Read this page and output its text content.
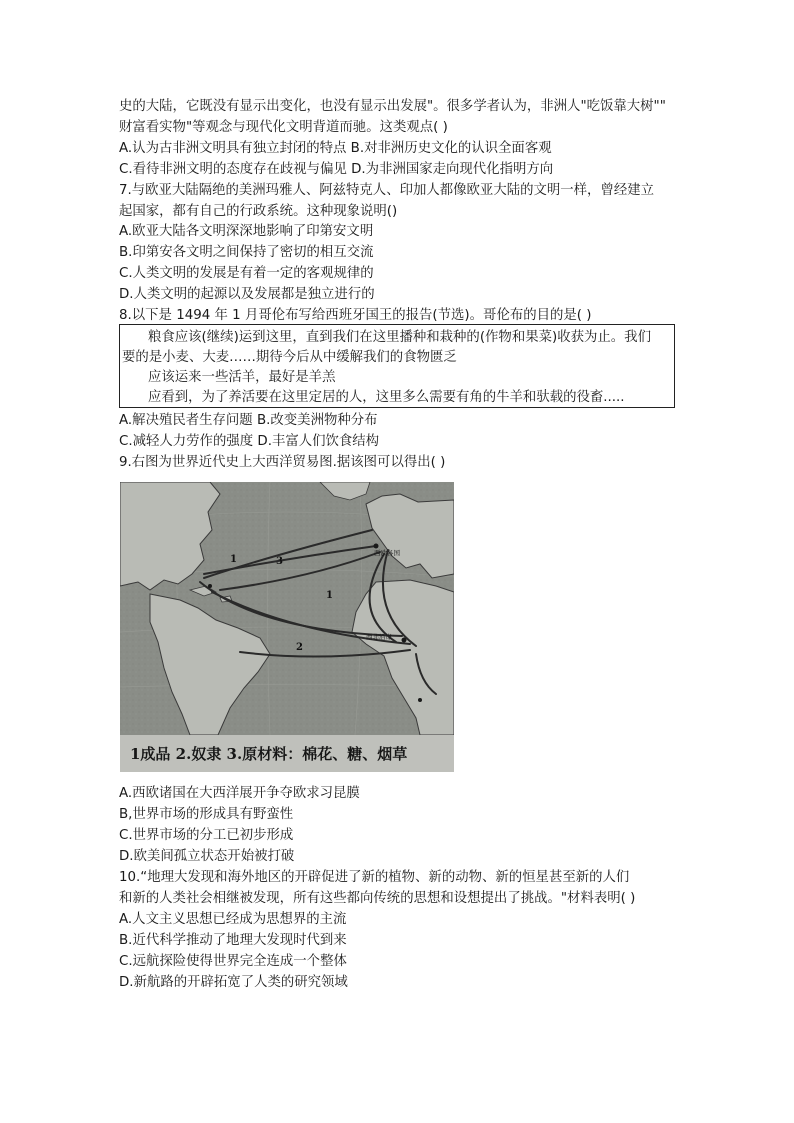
史的大陆，它既没有显示出变化，也没有显示出发展"。很多学者认为，非洲人"吃饭靠大树""
财富看实物"等观念与现代化文明背道而驰。这类观点( )
A.认为古非洲文明具有独立封闭的特点 B.对非洲历史文化的认识全面客观
C.看待非洲文明的态度存在歧视与偏见 D.为非洲国家走向现代化指明方向
7.与欧亚大陆隔绝的美洲玛雅人、阿兹特克人、印加人都像欧亚大陆的文明一样，曾经建立
起国家，都有自己的行政系统。这种现象说明()
A.欧亚大陆各文明深深地影响了印第安文明
B.印第安各文明之间保持了密切的相互交流
C.人类文明的发展是有着一定的客观规律的
D.人类文明的起源以及发展都是独立进行的
8.以下是 1494 年 1 月哥伦布写给西班牙国王的报告(节选)。哥伦布的目的是( )
粮食应该(继续)运到这里，直到我们在这里播种和栽种的(作物和果菜)收获为止。我们
要的是小麦、大麦……期待今后从中缓解我们的食物匮乏
应该运来一些活羊，最好是羊羔
应看到，为了养活要在这里定居的人，这里多么需要有角的牛羊和驮载的役畜.....
A.解决殖民者生存问题 B.改变美洲物种分布
C.减轻人力劳作的强度 D.丰富人们饮食结构
9.右图为世界近代史上大西洋贸易图.据该图可以得出( )
1	3
1
2
西欧各国
西非沿岸
1成品 2.奴隶 3.原材料：棉花、糖、烟草
A.西欧诸国在大西洋展开争夺欧求习昆膜
B,世界市场的形成具有野蛮性
C.世界市场的分工已初步形成
D.欧美间孤立状态开始被打破
10.“地理大发现和海外地区的开辟促进了新的植物、新的动物、新的恒星甚至新的人们
和新的人类社会相继被发现，所有这些都向传统的思想和设想提出了挑战。"材料表明( )
A.人文主义思想已经成为思想界的主流
B.近代科学推动了地理大发现时代到来
C.远航探险使得世界完全连成一个整体
D.新航路的开辟拓宽了人类的研究领域
